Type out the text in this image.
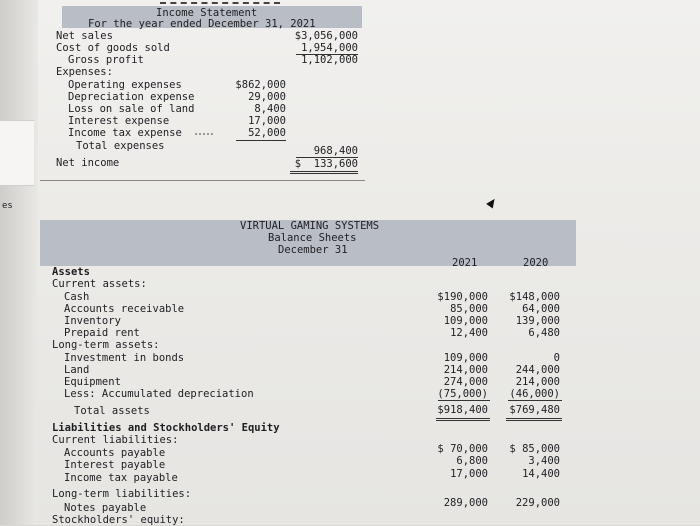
es
Income Statement
For the year ended December 31, 2021
Net sales	$3,056,000
Cost of goods sold	1,954,000
Gross profit	1,102,000
Expenses:
Operating expenses	$862,000
Depreciation expense	29,000
Loss on sale of land	8,400
Interest expense	17,000
Income tax expense	52,000
Total expenses	968,400
Net income	$  133,600
VIRTUAL GAMING SYSTEMS
Balance Sheets
December 31
2021	2020
Assets
Current assets:
Cash	$190,000	$148,000
Accounts receivable	85,000	64,000
Inventory	109,000	139,000
Prepaid rent	12,400	6,480
Long-term assets:
Investment in bonds	109,000	0
Land	214,000	244,000
Equipment	274,000	214,000
Less: Accumulated depreciation	(75,000)	(46,000)
Total assets	$918,400	$769,480
Liabilities and Stockholders' Equity
Current liabilities:
Accounts payable	$ 70,000	$ 85,000
Interest payable	6,800	3,400
Income tax payable	17,000	14,400
Long-term liabilities:
Notes payable	289,000	229,000
Stockholders' equity:
